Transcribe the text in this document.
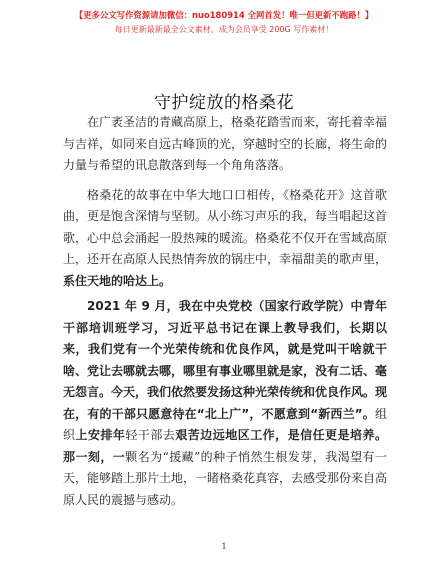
【更多公文写作资源请加微信：nuo180914 全网首发！唯一但更新不跑路！】
每日更新最新最全公文素材，成为会员享受 200G 写作素材！
守护绽放的格桑花

在广袤圣洁的青藏高原上，格桑花踏雪而来，寄托着幸福与吉祥，如同来自远古峰顶的光，穿越时空的长廊，将生命的力量与希望的讯息散落到每一个角角落落。

格桑花的故事在中华大地口口相传，《格桑花开》这首歌曲，更是饱含深情与坚韧。从小练习声乐的我，每当唱起这首歌，心中总会涌起一股热辣的暖流。格桑花不仅开在雪域高原上，还开在高原人民热情奔放的锅庄中，幸福甜美的歌声里，系住天地的哈达上。

2021 年 9 月，我在中央党校（国家行政学院）中青年干部培训班学习，习近平总书记在课上教导我们，长期以来，我们党有一个光荣传统和优良作风，就是党叫干啥就干啥、党让去哪就去哪，哪里有事业哪里就是家，没有二话、毫无怨言。今天，我们依然要发扬这种光荣传统和优良作风。现在，有的干部只愿意待在“北上广”，不愿意到“新西兰”。组织上安排年轻干部去艰苦边远地区工作，是信任更是培养。那一刻，一颗名为“援藏”的种子悄然生根发芽，我渴望有一天，能够踏上那片土地，一睹格桑花真容，去感受那份来自高原人民的震撼与感动。

1
